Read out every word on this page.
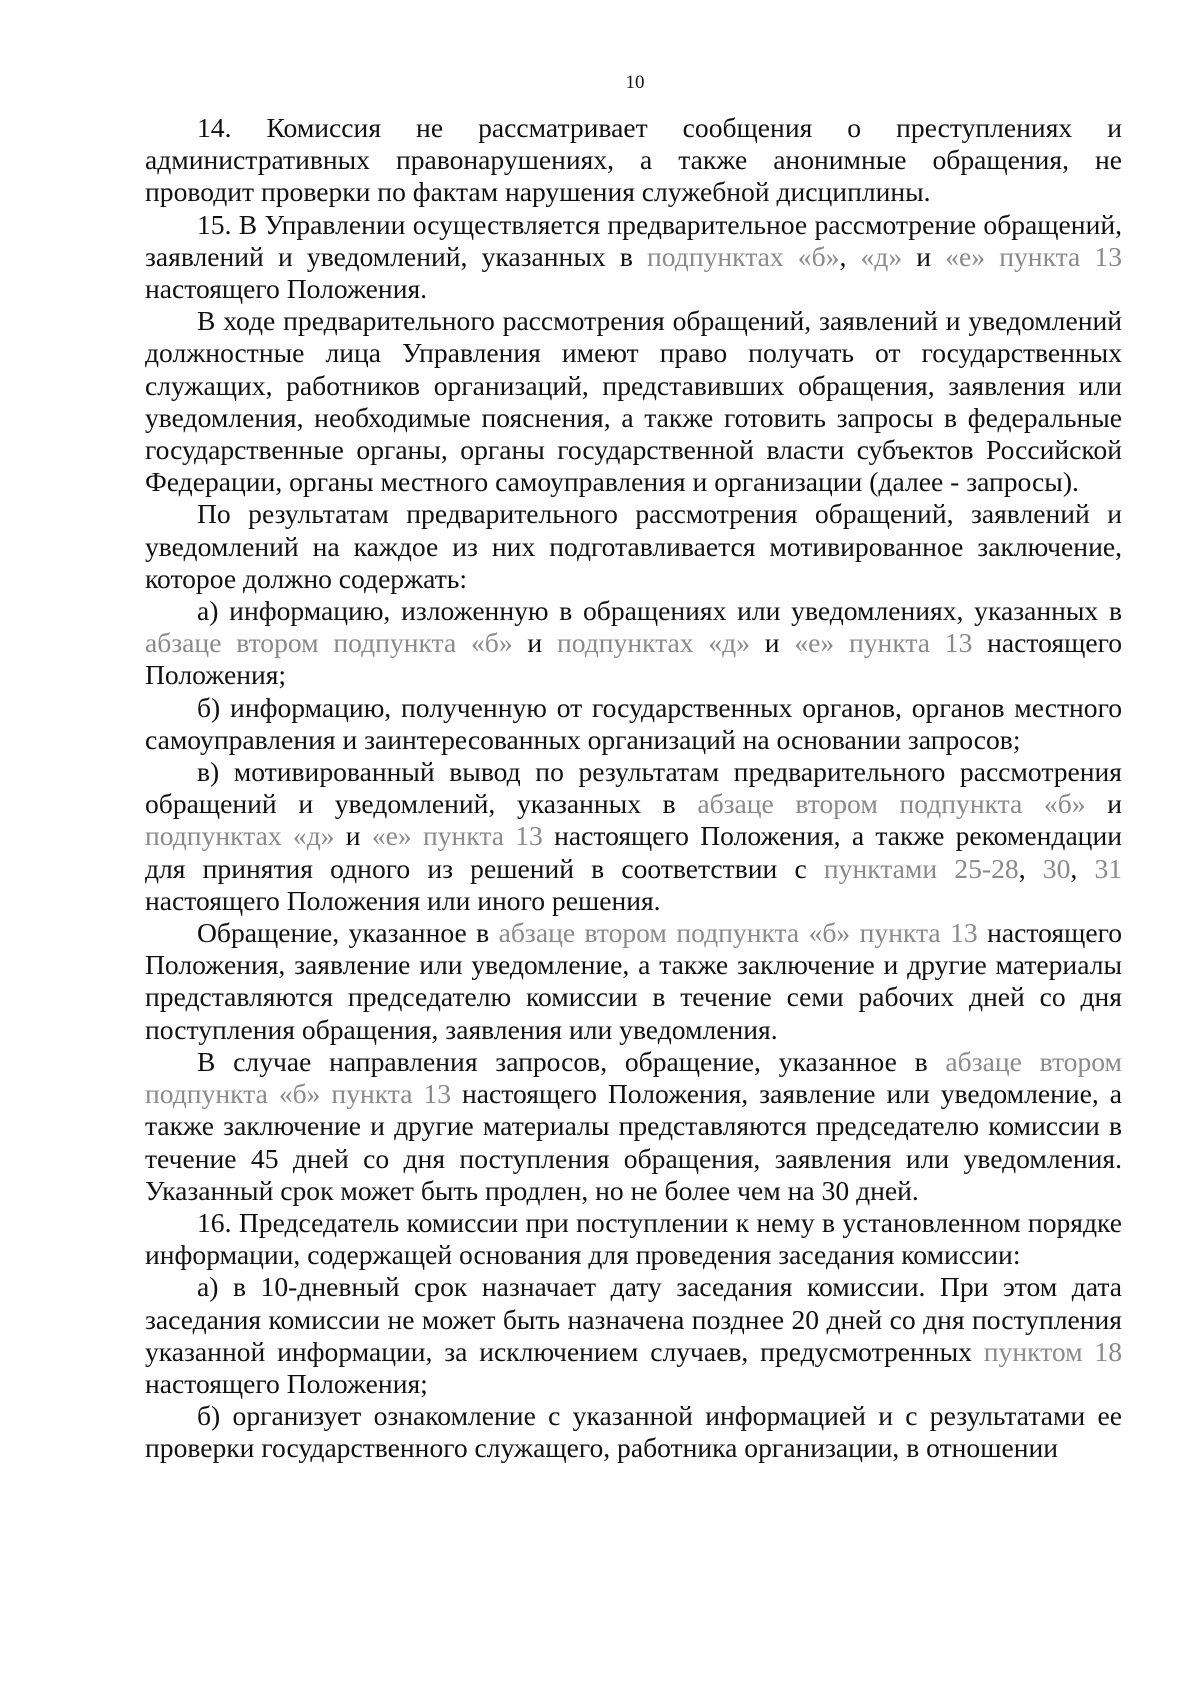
10

14. Комиссия не рассматривает сообщения о преступлениях и административных правонарушениях, а также анонимные обращения, не проводит проверки по фактам нарушения служебной дисциплины.

15. В Управлении осуществляется предварительное рассмотрение обращений, заявлений и уведомлений, указанных в подпунктах «б», «д» и «е» пункта 13 настоящего Положения.

В ходе предварительного рассмотрения обращений, заявлений и уведомлений должностные лица Управления имеют право получать от государственных служащих, работников организаций, представивших обращения, заявления или уведомления, необходимые пояснения, а также готовить запросы в федеральные государственные органы, органы государственной власти субъектов Российской Федерации, органы местного самоуправления и организации (далее - запросы).

По результатам предварительного рассмотрения обращений, заявлений и уведомлений на каждое из них подготавливается мотивированное заключение, которое должно содержать:

а) информацию, изложенную в обращениях или уведомлениях, указанных в абзаце втором подпункта «б» и подпунктах «д» и «е» пункта 13 настоящего Положения;

б) информацию, полученную от государственных органов, органов местного самоуправления и заинтересованных организаций на основании запросов;

в) мотивированный вывод по результатам предварительного рассмотрения обращений и уведомлений, указанных в абзаце втором подпункта «б» и подпунктах «д» и «е» пункта 13 настоящего Положения, а также рекомендации для принятия одного из решений в соответствии с пунктами 25-28, 30, 31 настоящего Положения или иного решения.

Обращение, указанное в абзаце втором подпункта «б» пункта 13 настоящего Положения, заявление или уведомление, а также заключение и другие материалы представляются председателю комиссии в течение семи рабочих дней со дня поступления обращения, заявления или уведомления.

В случае направления запросов, обращение, указанное в абзаце втором подпункта «б» пункта 13 настоящего Положения, заявление или уведомление, а также заключение и другие материалы представляются председателю комиссии в течение 45 дней со дня поступления обращения, заявления или уведомления. Указанный срок может быть продлен, но не более чем на 30 дней.

16. Председатель комиссии при поступлении к нему в установленном порядке информации, содержащей основания для проведения заседания комиссии:

а) в 10-дневный срок назначает дату заседания комиссии. При этом дата заседания комиссии не может быть назначена позднее 20 дней со дня поступления указанной информации, за исключением случаев, предусмотренных пунктом 18 настоящего Положения;

б) организует ознакомление с указанной информацией и с результатами ее проверки государственного служащего, работника организации, в отношении
